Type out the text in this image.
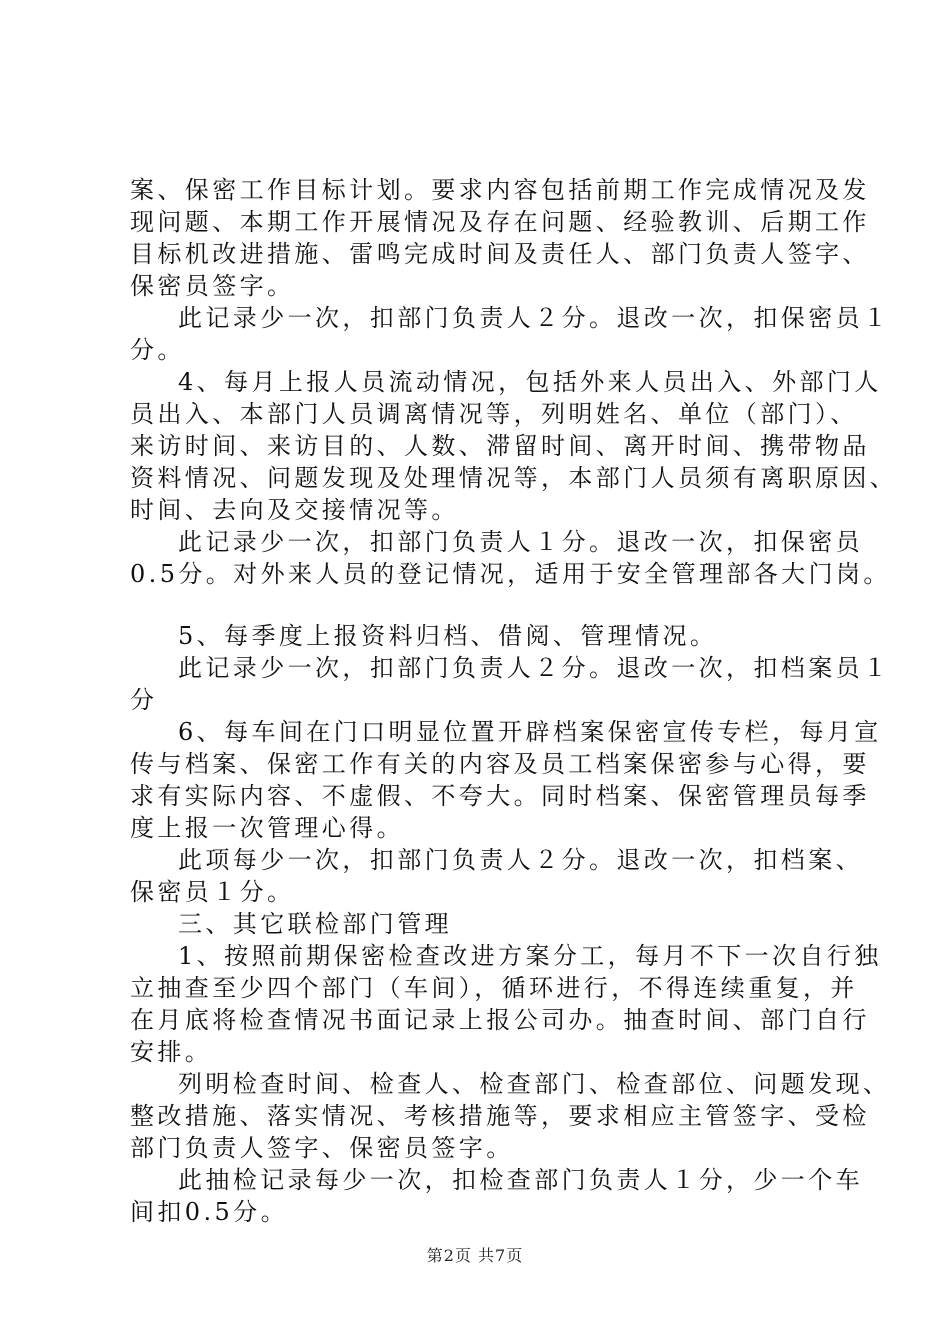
案、保密工作目标计划。要求内容包括前期工作完成情况及发
现问题、本期工作开展情况及存在问题、经验教训、后期工作
目标机改进措施、雷鸣完成时间及责任人、部门负责人签字、
保密员签字。
此记录少一次，扣部门负责人２分。退改一次，扣保密员１
分。
4、每月上报人员流动情况，包括外来人员出入、外部门人
员出入、本部门人员调离情况等，列明姓名、单位（部门）、
来访时间、来访目的、人数、滞留时间、离开时间、携带物品
资料情况、问题发现及处理情况等，本部门人员须有离职原因、
时间、去向及交接情况等。
此记录少一次，扣部门负责人１分。退改一次，扣保密员
0.5分。对外来人员的登记情况，适用于安全管理部各大门岗。
5、每季度上报资料归档、借阅、管理情况。
此记录少一次，扣部门负责人２分。退改一次，扣档案员１
分
6、每车间在门口明显位置开辟档案保密宣传专栏，每月宣
传与档案、保密工作有关的内容及员工档案保密参与心得，要
求有实际内容、不虚假、不夸大。同时档案、保密管理员每季
度上报一次管理心得。
此项每少一次，扣部门负责人２分。退改一次，扣档案、
保密员１分。
三、其它联检部门管理
1、按照前期保密检查改进方案分工，每月不下一次自行独
立抽查至少四个部门（车间），循环进行，不得连续重复，并
在月底将检查情况书面记录上报公司办。抽查时间、部门自行
安排。
列明检查时间、检查人、检查部门、检查部位、问题发现、
整改措施、落实情况、考核措施等，要求相应主管签字、受检
部门负责人签字、保密员签字。
此抽检记录每少一次，扣检查部门负责人１分，少一个车
间扣0.5分。
第2页 共7页
